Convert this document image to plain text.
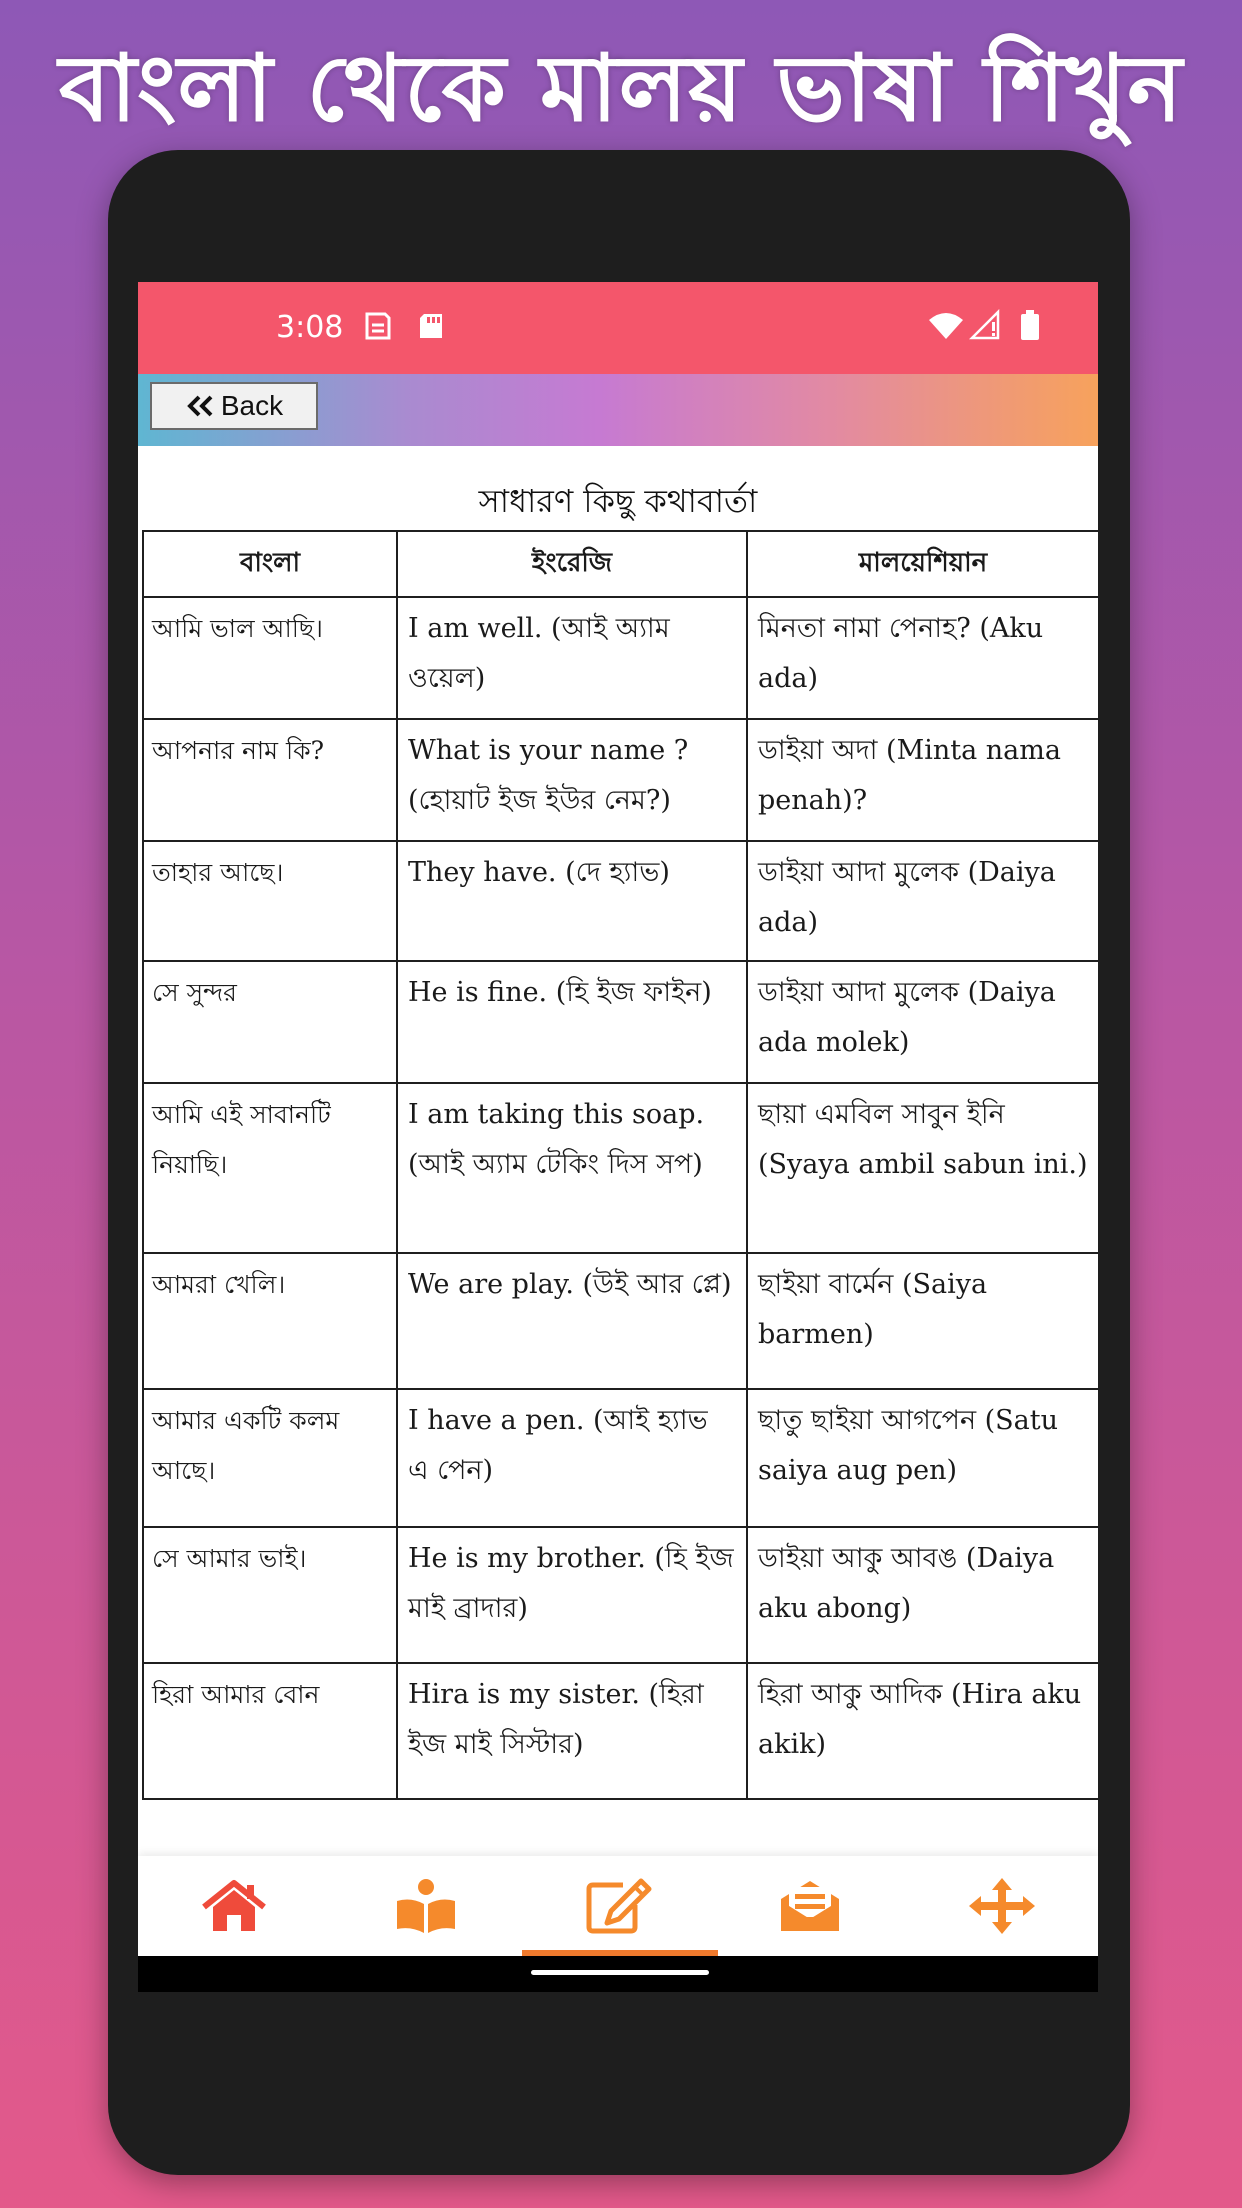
বাংলা থেকে মালয় ভাষা শিখুন
3:08
Back
সাধারণ কিছু কথাবার্তা
বাংলা	ইংরেজি	মালয়েশিয়ান
আমি ভাল আছি।	I am well. (আই অ্যাম ওয়েল)	মিনতা নামা পেনাহ? (Aku ada)
আপনার নাম কি?	What is your name ? (হোয়াট ইজ ইউর নেম?)	ডাইয়া অদা (Minta nama penah)?
তাহার আছে।	They have. (দে হ্যাভ)	ডাইয়া আদা মুলেক (Daiya ada)
সে সুন্দর	He is fine. (হি ইজ ফাইন)	ডাইয়া আদা মুলেক (Daiya ada molek)
আমি এই সাবানটি নিয়াছি।	I am taking this soap. (আই অ্যাম টেকিং দিস সপ)	ছায়া এমবিল সাবুন ইনি (Syaya ambil sabun ini.)
আমরা খেলি।	We are play. (উই আর প্লে)	ছাইয়া বার্মেন (Saiya barmen)
আমার একটি কলম আছে।	I have a pen. (আই হ্যাভ এ পেন)	ছাতু ছাইয়া আগপেন (Satu saiya aug pen)
সে আমার ভাই।	He is my brother. (হি ইজ মাই ব্রাদার)	ডাইয়া আকু আবঙ (Daiya aku abong)
হিরা আমার বোন	Hira is my sister. (হিরা ইজ মাই সিস্টার)	হিরা আকু আদিক (Hira aku akik)
